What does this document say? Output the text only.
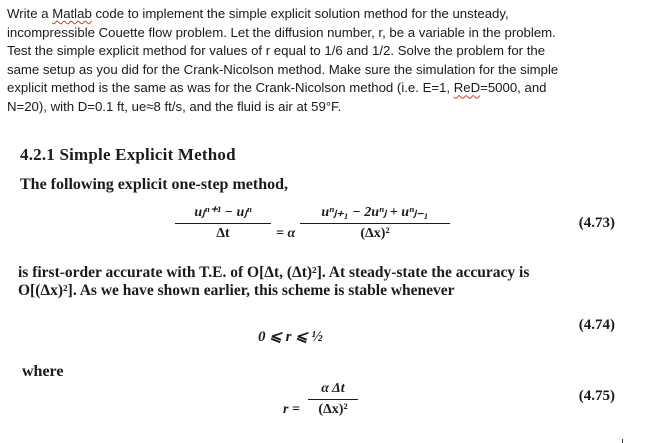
Write a Matlab code to implement the simple explicit solution method for the unsteady,
incompressible Couette flow problem. Let the diffusion number, r, be a variable in the problem.
Test the simple explicit method for values of r equal to 1/6 and 1/2. Solve the problem for the
same setup as you did for the Crank-Nicolson method. Make sure the simulation for the simple
explicit method is the same as was for the Crank-Nicolson method (i.e. E=1, ReD=5000, and
N=20), with D=0.1 ft, ue≈8 ft/s, and the fluid is air at 59°F.
4.2.1 Simple Explicit Method
The following explicit one-step method,
uⱼⁿ⁺¹ − uⱼⁿ
Δt	= α
uⁿⱼ₊₁ − 2uⁿⱼ + uⁿⱼ₋₁
(Δx)²
(4.73)
is first-order accurate with T.E. of O[Δt, (Δt)²]. At steady-state the accuracy is
O[(Δx)²]. As we have shown earlier, this scheme is stable whenever
0 ⩽ r ⩽ ½
(4.74)
where
r =
α Δt
(Δx)²
(4.75)
